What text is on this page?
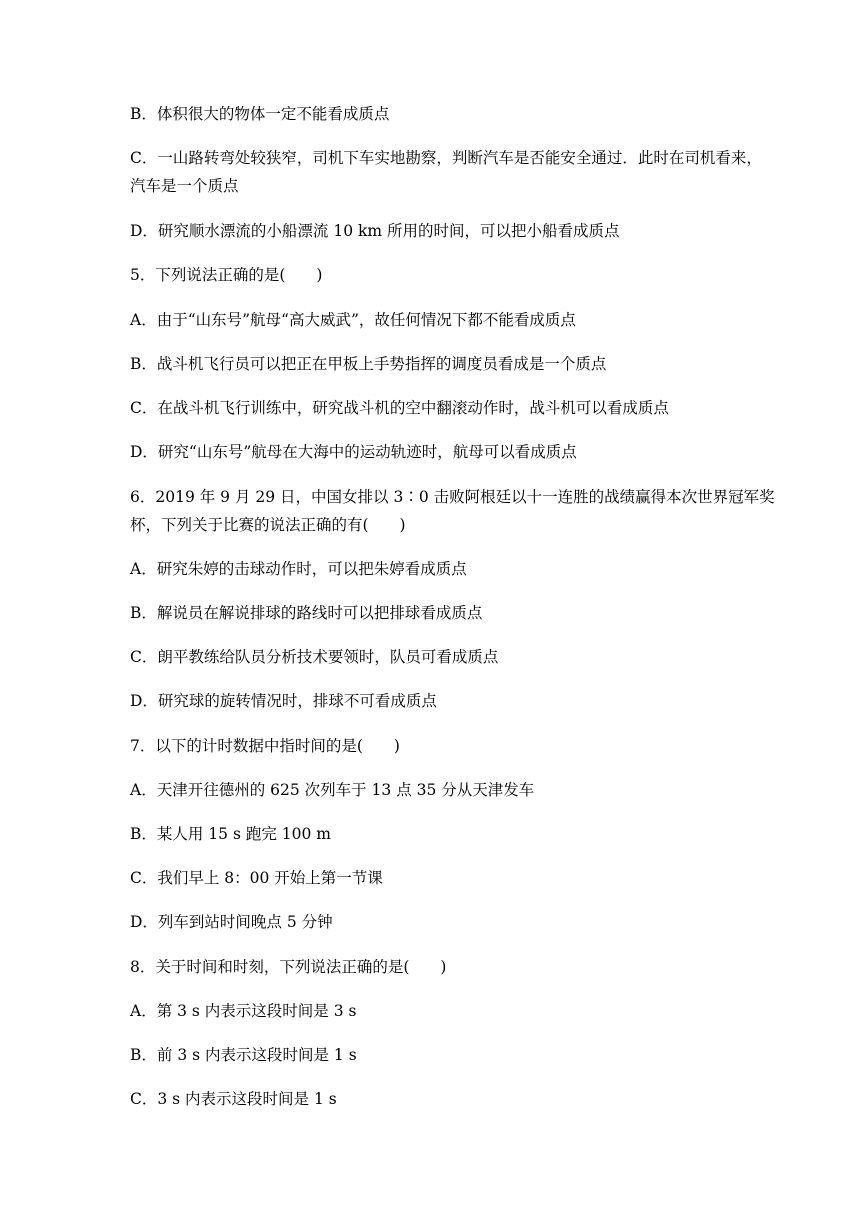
B．体积很大的物体一定不能看成质点
C．一山路转弯处较狭窄，司机下车实地勘察，判断汽车是否能安全通过．此时在司机看来，
汽车是一个质点
D．研究顺水漂流的小船漂流 10 km 所用的时间，可以把小船看成质点
5．下列说法正确的是(　　)
A．由于“山东号”航母“高大威武”，故任何情况下都不能看成质点
B．战斗机飞行员可以把正在甲板上手势指挥的调度员看成是一个质点
C．在战斗机飞行训练中，研究战斗机的空中翻滚动作时，战斗机可以看成质点
D．研究“山东号”航母在大海中的运动轨迹时，航母可以看成质点
6．2019 年 9 月 29 日，中国女排以 3∶0 击败阿根廷以十一连胜的战绩赢得本次世界冠军奖
杯，下列关于比赛的说法正确的有(　　)
A．研究朱婷的击球动作时，可以把朱婷看成质点
B．解说员在解说排球的路线时可以把排球看成质点
C．朗平教练给队员分析技术要领时，队员可看成质点
D．研究球的旋转情况时，排球不可看成质点
7．以下的计时数据中指时间的是(　　)
A．天津开往德州的 625 次列车于 13 点 35 分从天津发车
B．某人用 15 s 跑完 100 m
C．我们早上 8：00 开始上第一节课
D．列车到站时间晚点 5 分钟
8．关于时间和时刻，下列说法正确的是(　　)
A．第 3 s 内表示这段时间是 3 s
B．前 3 s 内表示这段时间是 1 s
C．3 s 内表示这段时间是 1 s
